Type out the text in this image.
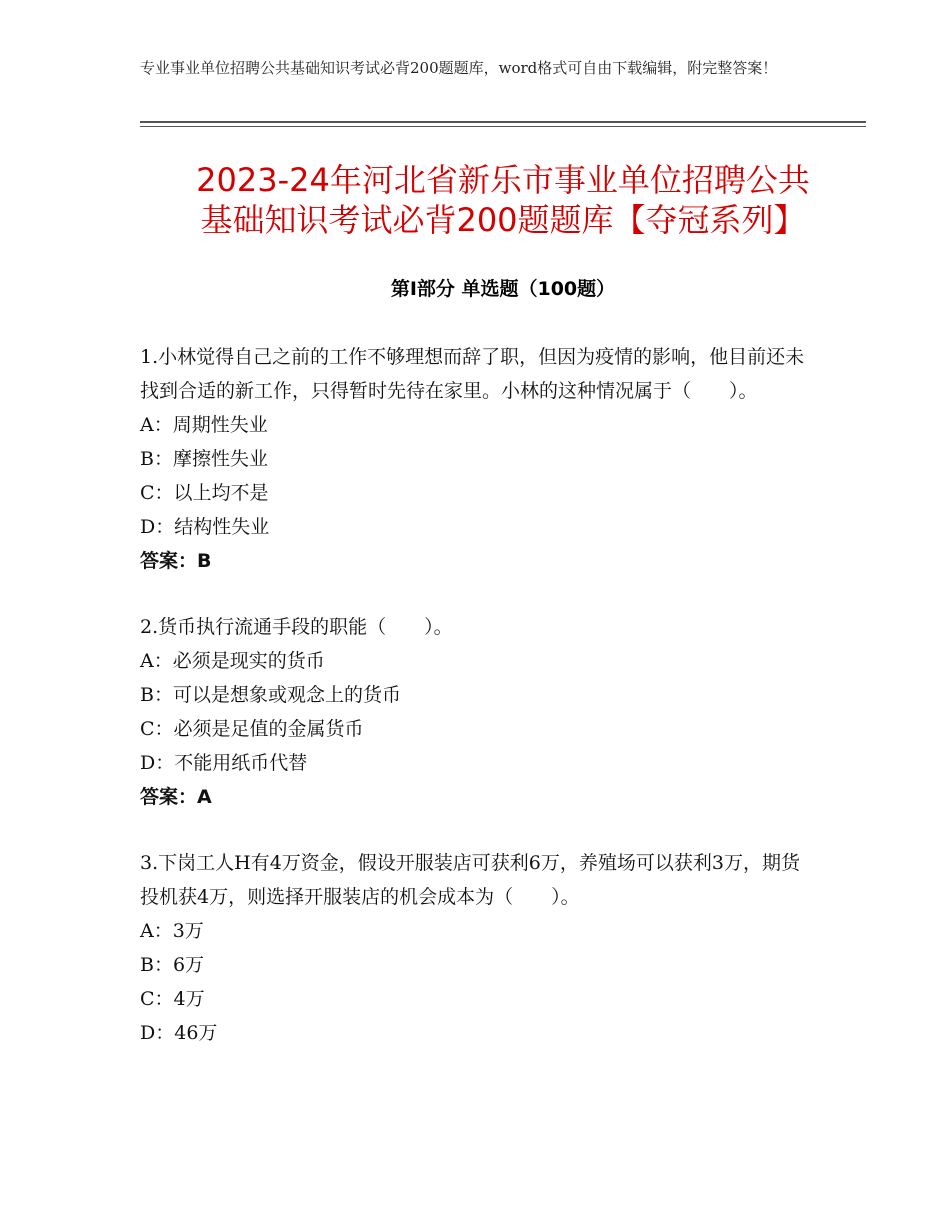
专业事业单位招聘公共基础知识考试必背200题题库，word格式可自由下载编辑，附完整答案！
2023-24年河北省新乐市事业单位招聘公共
基础知识考试必背200题题库【夺冠系列】
第Ⅰ部分 单选题（100题）

1.小林觉得自己之前的工作不够理想而辞了职，但因为疫情的影响，他目前还未找到合适的新工作，只得暂时先待在家里。小林的这种情况属于（　　）。

A：周期性失业

B：摩擦性失业

C：以上均不是

D：结构性失业

答案：B

2.货币执行流通手段的职能（　　）。

A：必须是现实的货币

B：可以是想象或观念上的货币

C：必须是足值的金属货币

D：不能用纸币代替

答案：A

3.下岗工人H有4万资金，假设开服装店可获利6万，养殖场可以获利3万，期货投机获4万，则选择开服装店的机会成本为（　　）。

A：3万

B：6万

C：4万

D：46万
